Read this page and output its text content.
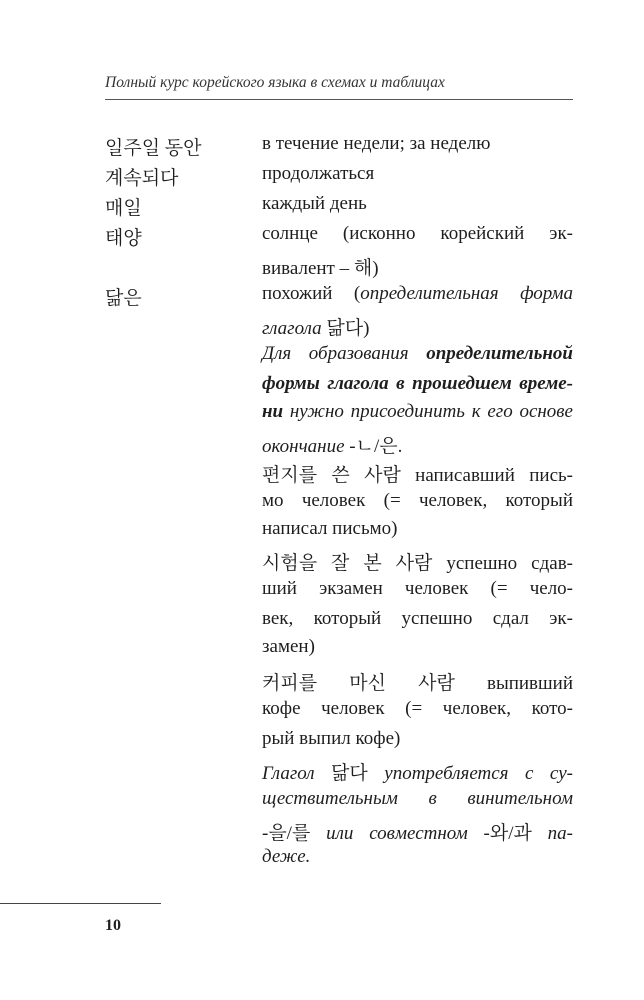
Полный курс корейского языка в схемах и таблицах
일주일 동안
계속되다
매일
태양
닮은
в течение недели; за неделю
продолжаться
каждый день
солнце (исконно корейский эк-
вивалент – 해)
похожий (определительная форма
глагола 닮다)
Для образования определительной
формы глагола в прошедшем време-
ни нужно присоединить к его основе
окончание -ㄴ/은.
편지를 쓴 사람 написавший пись-
мо человек (= человек, который
написал письмо)
시험을 잘 본 사람 успешно сдав-
ший экзамен человек (= чело-
век, который успешно сдал эк-
замен)
커피를 마신 사람 выпивший
кофе человек (= человек, кото-
рый выпил кофе)
Глагол 닮다 употребляется с су-
ществительным в винительном
-을/를 или совместном -와/과 па-
деже.
10
